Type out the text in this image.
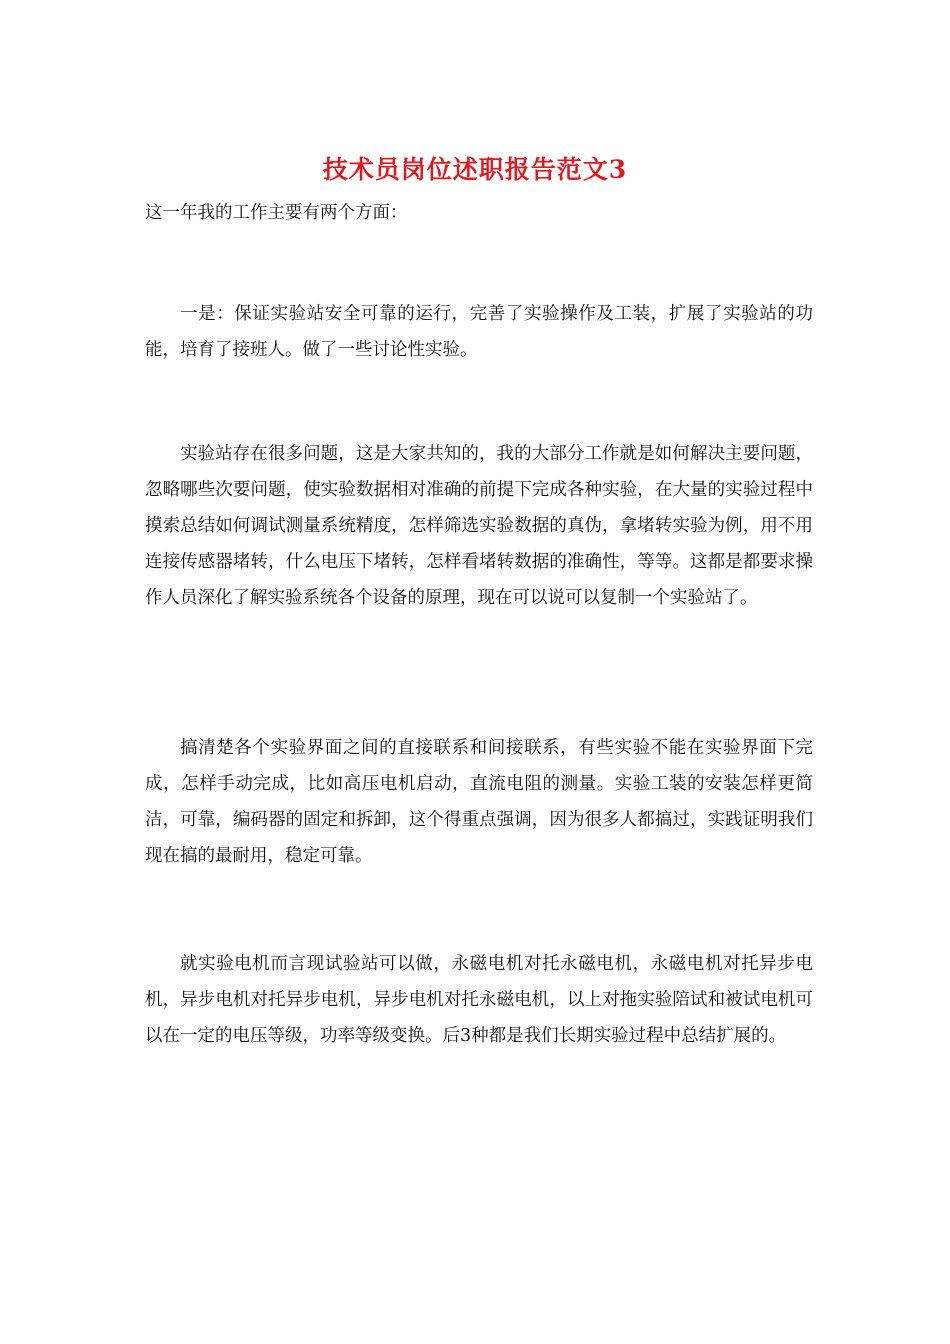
技术员岗位述职报告范文3
这一年我的工作主要有两个方面：

一是：保证实验站安全可靠的运行，完善了实验操作及工装，扩展了实验站的功能，培育了接班人。做了一些讨论性实验。

实验站存在很多问题，这是大家共知的，我的大部分工作就是如何解决主要问题，忽略哪些次要问题，使实验数据相对准确的前提下完成各种实验，在大量的实验过程中摸索总结如何调试测量系统精度，怎样筛选实验数据的真伪，拿堵转实验为例，用不用连接传感器堵转，什么电压下堵转，怎样看堵转数据的准确性，等等。这都是都要求操作人员深化了解实验系统各个设备的原理，现在可以说可以复制一个实验站了。

搞清楚各个实验界面之间的直接联系和间接联系，有些实验不能在实验界面下完成，怎样手动完成，比如高压电机启动，直流电阻的测量。实验工装的安装怎样更简洁，可靠，编码器的固定和拆卸，这个得重点强调，因为很多人都搞过，实践证明我们现在搞的最耐用，稳定可靠。

就实验电机而言现试验站可以做，永磁电机对托永磁电机，永磁电机对托异步电机，异步电机对托异步电机，异步电机对托永磁电机，以上对拖实验陪试和被试电机可以在一定的电压等级，功率等级变换。后3种都是我们长期实验过程中总结扩展的。
